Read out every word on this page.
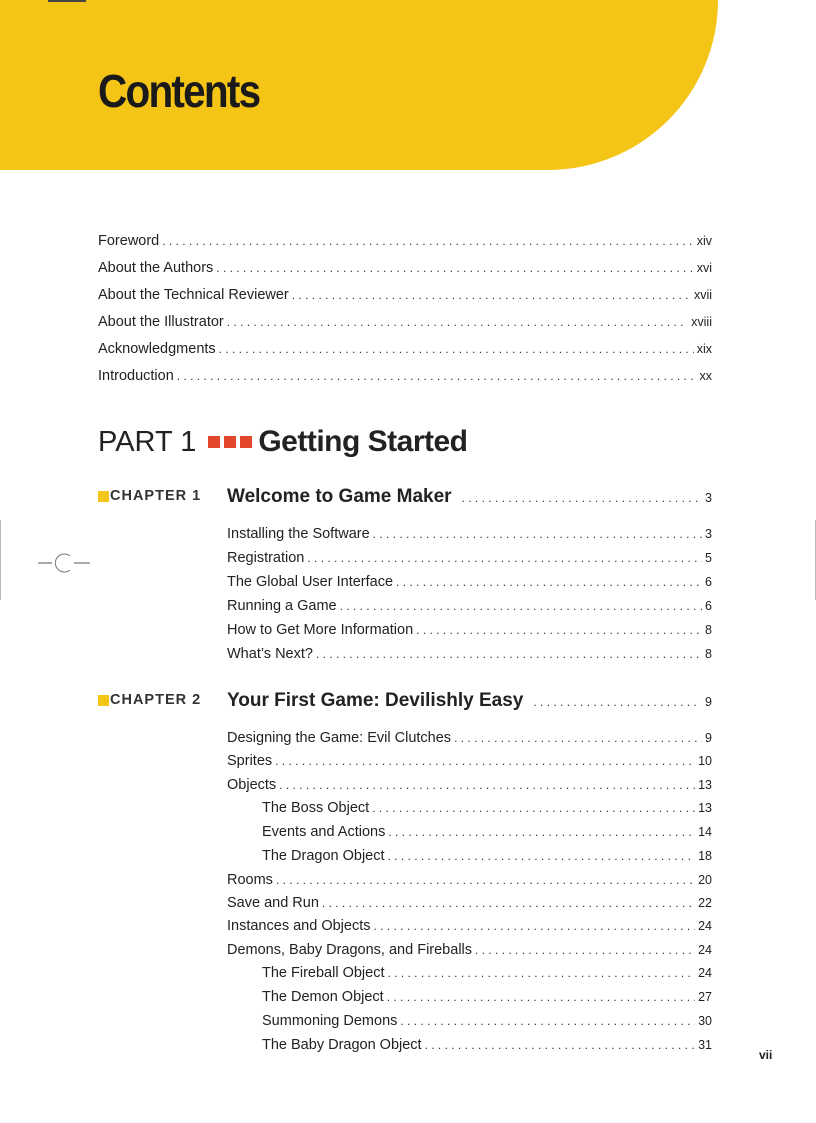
Contents
Foreword . . .	xiv
About the Authors . . .	xvi
About the Technical Reviewer . . .	xvii
About the Illustrator . . .	xviii
Acknowledgments . . .	xix
Introduction . . .	xx
PART 1 Getting Started
CHAPTER 1 Welcome to Game Maker . . .	3
Installing the Software . . .	3
Registration . . .	5
The Global User Interface . . .	6
Running a Game . . .	6
How to Get More Information . . .	8
What’s Next? . . .	8
CHAPTER 2 Your First Game: Devilishly Easy . . .	9
Designing the Game: Evil Clutches . . .	9
Sprites . . .	10
Objects . . .	13
The Boss Object . . .	13
Events and Actions . . .	14
The Dragon Object . . .	18
Rooms . . .	20
Save and Run . . .	22
Instances and Objects . . .	24
Demons, Baby Dragons, and Fireballs . . .	24
The Fireball Object . . .	24
The Demon Object . . .	27
Summoning Demons . . .	30
The Baby Dragon Object . . .	31
vii
